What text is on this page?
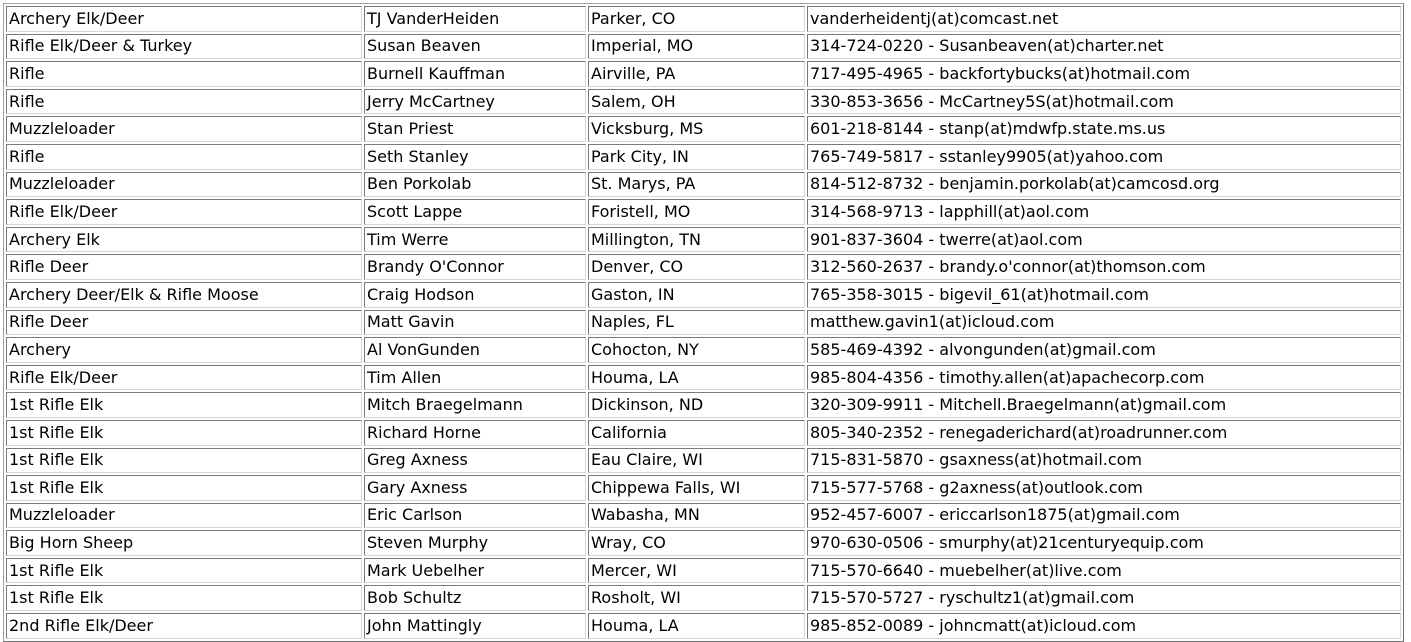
Archery Elk/Deer	TJ VanderHeiden	Parker, CO	vanderheidentj(at)comcast.net
Rifle Elk/Deer & Turkey	Susan Beaven	Imperial, MO	314-724-0220 - Susanbeaven(at)charter.net
Rifle	Burnell Kauffman	Airville, PA	717-495-4965 - backfortybucks(at)hotmail.com
Rifle	Jerry McCartney	Salem, OH	330-853-3656 - McCartney5S(at)hotmail.com
Muzzleloader	Stan Priest	Vicksburg, MS	601-218-8144 - stanp(at)mdwfp.state.ms.us
Rifle	Seth Stanley	Park City, IN	765-749-5817 - sstanley9905(at)yahoo.com
Muzzleloader	Ben Porkolab	St. Marys, PA	814-512-8732 - benjamin.porkolab(at)camcosd.org
Rifle Elk/Deer	Scott Lappe	Foristell, MO	314-568-9713 - lapphill(at)aol.com
Archery Elk	Tim Werre	Millington, TN	901-837-3604 - twerre(at)aol.com
Rifle Deer	Brandy O'Connor	Denver, CO	312-560-2637 - brandy.o'connor(at)thomson.com
Archery Deer/Elk & Rifle Moose	Craig Hodson	Gaston, IN	765-358-3015 - bigevil_61(at)hotmail.com
Rifle Deer	Matt Gavin	Naples, FL	matthew.gavin1(at)icloud.com
Archery	Al VonGunden	Cohocton, NY	585-469-4392 - alvongunden(at)gmail.com
Rifle Elk/Deer	Tim Allen	Houma, LA	985-804-4356 - timothy.allen(at)apachecorp.com
1st Rifle Elk	Mitch Braegelmann	Dickinson, ND	320-309-9911 - Mitchell.Braegelmann(at)gmail.com
1st Rifle Elk	Richard Horne	California	805-340-2352 - renegaderichard(at)roadrunner.com
1st Rifle Elk	Greg Axness	Eau Claire, WI	715-831-5870 - gsaxness(at)hotmail.com
1st Rifle Elk	Gary Axness	Chippewa Falls, WI	715-577-5768 - g2axness(at)outlook.com
Muzzleloader	Eric Carlson	Wabasha, MN	952-457-6007 - ericcarlson1875(at)gmail.com
Big Horn Sheep	Steven Murphy	Wray, CO	970-630-0506 - smurphy(at)21centuryequip.com
1st Rifle Elk	Mark Uebelher	Mercer, WI	715-570-6640 - muebelher(at)live.com
1st Rifle Elk	Bob Schultz	Rosholt, WI	715-570-5727 - ryschultz1(at)gmail.com
2nd Rifle Elk/Deer	John Mattingly	Houma, LA	985-852-0089 - johncmatt(at)icloud.com
